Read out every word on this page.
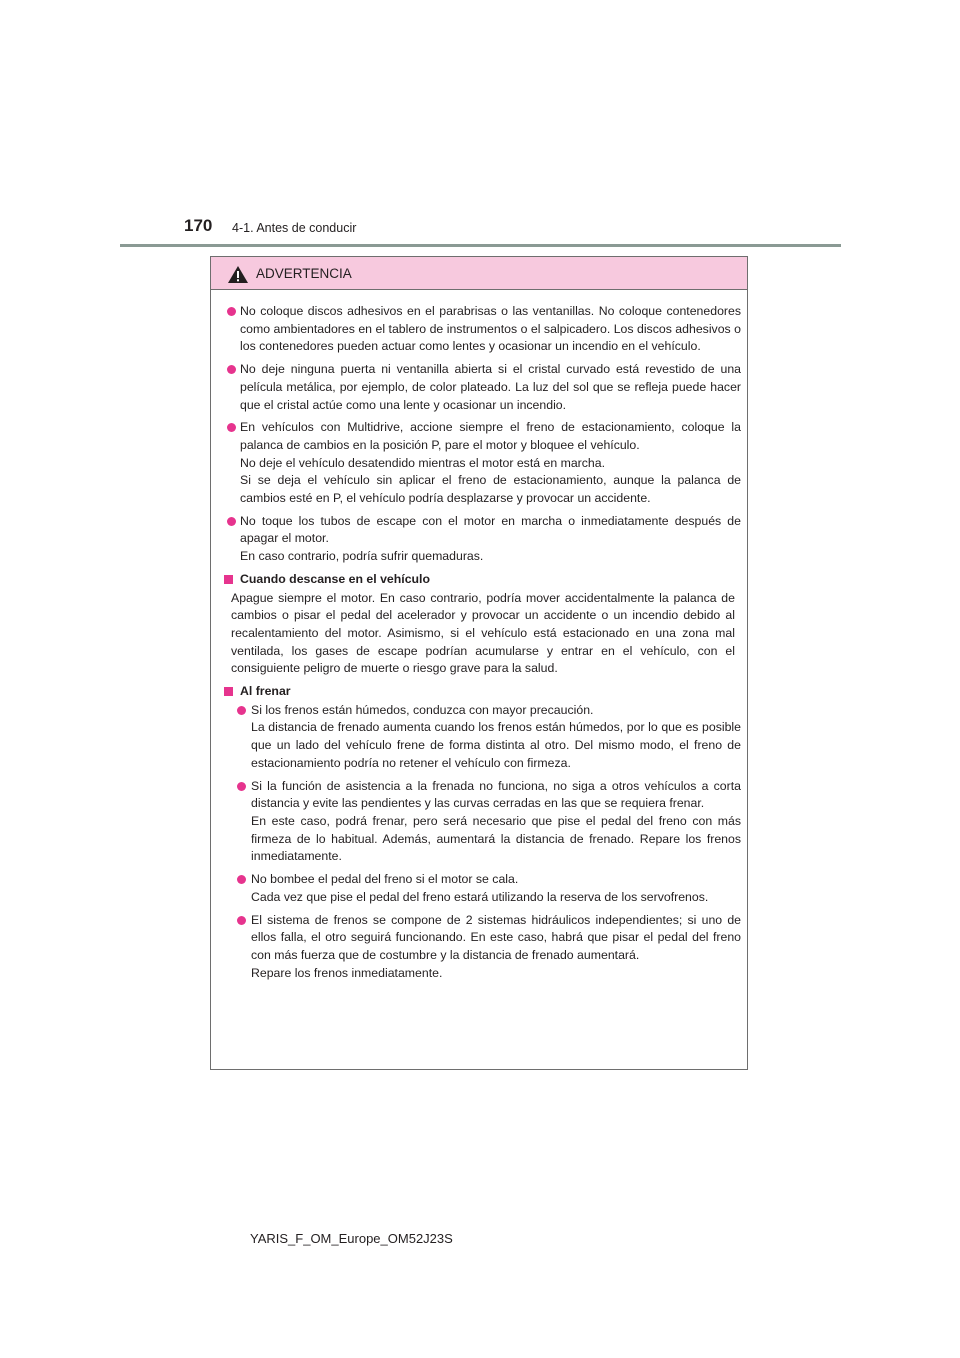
170 4-1. Antes de conducir
ADVERTENCIA

No coloque discos adhesivos en el parabrisas o las ventanillas. No coloque contenedores como ambientadores en el tablero de instrumentos o el salpicadero. Los discos adhesivos o los contenedores pueden actuar como lentes y ocasionar un incendio en el vehículo.

No deje ninguna puerta ni ventanilla abierta si el cristal curvado está revestido de una película metálica, por ejemplo, de color plateado. La luz del sol que se refleja puede hacer que el cristal actúe como una lente y ocasionar un incendio.

En vehículos con Multidrive, accione siempre el freno de estacionamiento, coloque la palanca de cambios en la posición P, pare el motor y bloquee el vehículo.

No deje el vehículo desatendido mientras el motor está en marcha.

Si se deja el vehículo sin aplicar el freno de estacionamiento, aunque la palanca de cambios esté en P, el vehículo podría desplazarse y provocar un accidente.

No toque los tubos de escape con el motor en marcha o inmediatamente después de apagar el motor.

En caso contrario, podría sufrir quemaduras.

Cuando descanse en el vehículo

Apague siempre el motor. En caso contrario, podría mover accidentalmente la palanca de cambios o pisar el pedal del acelerador y provocar un accidente o un incendio debido al recalentamiento del motor. Asimismo, si el vehículo está estacionado en una zona mal ventilada, los gases de escape podrían acumularse y entrar en el vehículo, con el consiguiente peligro de muerte o riesgo grave para la salud.

Al frenar

Si los frenos están húmedos, conduzca con mayor precaución.

La distancia de frenado aumenta cuando los frenos están húmedos, por lo que es posible que un lado del vehículo frene de forma distinta al otro. Del mismo modo, el freno de estacionamiento podría no retener el vehículo con firmeza.

Si la función de asistencia a la frenada no funciona, no siga a otros vehículos a corta distancia y evite las pendientes y las curvas cerradas en las que se requiera frenar.

En este caso, podrá frenar, pero será necesario que pise el pedal del freno con más firmeza de lo habitual. Además, aumentará la distancia de frenado. Repare los frenos inmediatamente.

No bombee el pedal del freno si el motor se cala.

Cada vez que pise el pedal del freno estará utilizando la reserva de los servofrenos.

El sistema de frenos se compone de 2 sistemas hidráulicos independientes; si uno de ellos falla, el otro seguirá funcionando. En este caso, habrá que pisar el pedal del freno con más fuerza que de costumbre y la distancia de frenado aumentará.

Repare los frenos inmediatamente.

YARIS_F_OM_Europe_OM52J23S
